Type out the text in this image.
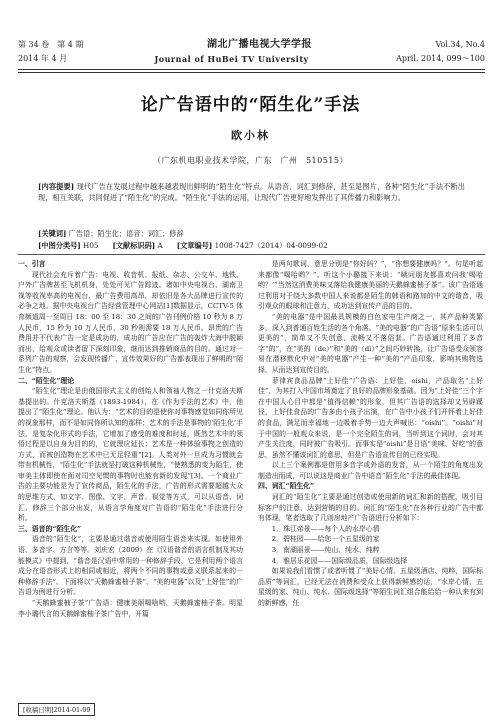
第 34 卷　第 4 期	湖北广播电视大学学报	Vol.34, No.4
2014 年 4 月	Journal of HuBei TV University	April. 2014, 099～100
论广告语中的“陌生化”手法
欧小林
（广东机电职业技术学院，广东　广州　510515）
[内容提要] 现代广告在发展过程中越来越表现出鲜明的“陌生化”特点。从语音、词汇到修辞，甚至是图片，各种“陌生化”手法不断出现，相互关联，共同促进了“陌生化”的完成。“陌生化”手法的运用，让现代广告更好地发挥出了其传播力和影响力。
[关键词] 广告语；陌生化；语音；词汇；修辞
[中图分类号] H05 [文献标识码] A [文章编号] 1008-7427（2014）04-0099-02
一、引言

现代社会充斥着广告：电视、收音机、报纸、杂志、公交车、地铁、户外广告牌甚至飞机机身，处处可见广告踪迹。诸如中央电视台、湖南卫视等收视率高的电视台，最广告费用高昂，却依旧是各大品牌进行宣传的必争之地。据中央电视台广告经营管理中心网站[1]数据显示，CCTV-5 体育频道周一至周日 18：00 至 18：30 之间的广告刊例价格 10 秒为 8 万人民币，15 秒为 10 万人民币，30 秒则需要 18 万人民币。昂贵的广告费用并不代表广告一定是成功的，成功的广告应在广告的轰炸大海中脱颖而出，给观众或读者留下深刻印象，继而达到推销商品的目的。通过对一系列广告的观察，会发现传播广、宣传效果好的广告都表现出了鲜明的“陌生化”特点。

二、“陌生化”理论

“陌生化”理论是由俄国形式主义的创始人和领袖人物之一什克洛夫斯基提出的。什克洛夫斯基（1893-1984），在《作为手法的艺术》中，他提出了“陌生化”理论。他认为：“艺术的目的是使你对事物感觉如同你所见的视象那样，而不是如同你所认知的那样；艺术的手法是事物的‘陌生化’手法，是复杂化形式的手法，它增加了感受的难度和时延，既然艺术中的领悟过程是以自身为目的的，它就理应延长；艺术是一种体验事物之创造的方式，而被创造物在艺术中已无足轻重”[2]。人类对外一旦成为习惯就会带有机械性，“陌生化”手法就是打破这种机械性，“使熟悉的变为陌生，使审美主体即使在面对司空见惯的事物时也能有新的发现”[3]。一个商业广告的主要功能是为了宣传商品，陌生化的手法，广告的形式需要超越大众的思维方式，如文字、图像、文字、声音、视觉等方式，可以从语音、词汇、修辞三个部分出发，从语言学角度对广告语的“陌生化”手法进行分析。

三、语音的“陌生化”

语音的“陌生化”，主要是通过谐音或使用陌生语音来实现。如使用外语、多音字、方言等等。刘庆宏（2009）在《汉语谐音的语言机制及其功能模式》中提到，“谐音是汉语中常用的一种修辞手段，它是利用两个语言成分在语音形式上的相同或相近，将两个不同的事物或意义联系起来的一种修辞手法”。下面将以“天鹅蜂蜜柚子茶”、“美的电器”以及“上好佳”的广告语为例进行分析。

“天鹅蜂蜜柚子茶”广告语：健康美丽喝啥哟，天鹅蜂蜜柚子茶。明星李小璐代言的天鹅蜂蜜柚子茶广告中，开篇

是两句歌词，意思分别是“你好吗？”，“你想要健康吗？”。句尾听起来都像“喝哈哟？”。听这个小璐接下来说：“咦问朋友都喜欢问我‘喝哈哟？’”当然这消费美味又落给我健康美丽的天鹅蜂蜜柚子茶”。该广告语通过利用对于绕大多数中国人来说都是陌生的韩语和路加的中文的谐音，吸引观众的眼球和注意力，成功达到宣传产品的目的。

“美的电器”是中国最具规模的白色家电生产商之一，其产品种类繁多，深入到普通百姓生活的各个角落。“美的电器”的广告语“原来生活可以更美的”，简单又不失创意，流畅又不落俗套。广告语通过利用了多音字“的”，在“美的（de）”和“美的（dì）”之间巧妙转换，让广告语受众领容易在潜移默化中对“美的电器”产生一种“美的”产品印象，影响其购物选择，从而达到宣传目的。

菲律宾食品品牌“上好佳”广告语：上好佳，oishi，产品取名“上好佳”，为其打入中国市场奠定了良好的品牌形象基础。因为“上好佳”三个字在中国人心目中都是“值得信赖”的形象，但其广告语的选择却又另辟蹊径，上好佳食品的广告多由小孩子出演，在广告中小孩子们开怀着上好佳的食品，满足而幸福地一边吸着手势一边大声喊出：“oishi”。“oishi”对于中国的一般观众来说，是一个完全陌生的词，当听到这个词时，会对其产生关注度，同时被广告吸引。而事实是“oishi”是日语“美味、好吃”的意思，虽然不懂该词汇的意思，但是广告语宣传目的已经实现。

以上三个案例都是借用多音字或外语的发音，从一个陌生的角度出发制造出而成，可以说这是商业广告中语音“陌生化”手法的最佳体现。

四、词汇“陌生化”

词汇的“陌生化”主要是通过创造或使用新的词汇和新的搭配，吸引目标客户的注意，达到营销的目的。词汇的“陌生化”在各种行业的广告中都有体现，笔者选取了几则房地产广告语进行分析如下：

1．珠江帝景——每个人的水岸心情
2．碧桂园——给您一个五星级的家
3．南湖丽景——纯山、纯水、纯粹
4．雅居乐花园——国际级品质，国际级选择

如果说我们看惯了或者听惯了“美好心情、五星级酒店、纯粹，国际标品质”等词汇，已经无法在消费和受众上获得新鲜感的话，“水岸心情、五星级的家、纯山、纯水、国际级选择”等陌生词汇组合能给给一种认来有到的新鲜感，任

[收稿日期]2014-01-09
